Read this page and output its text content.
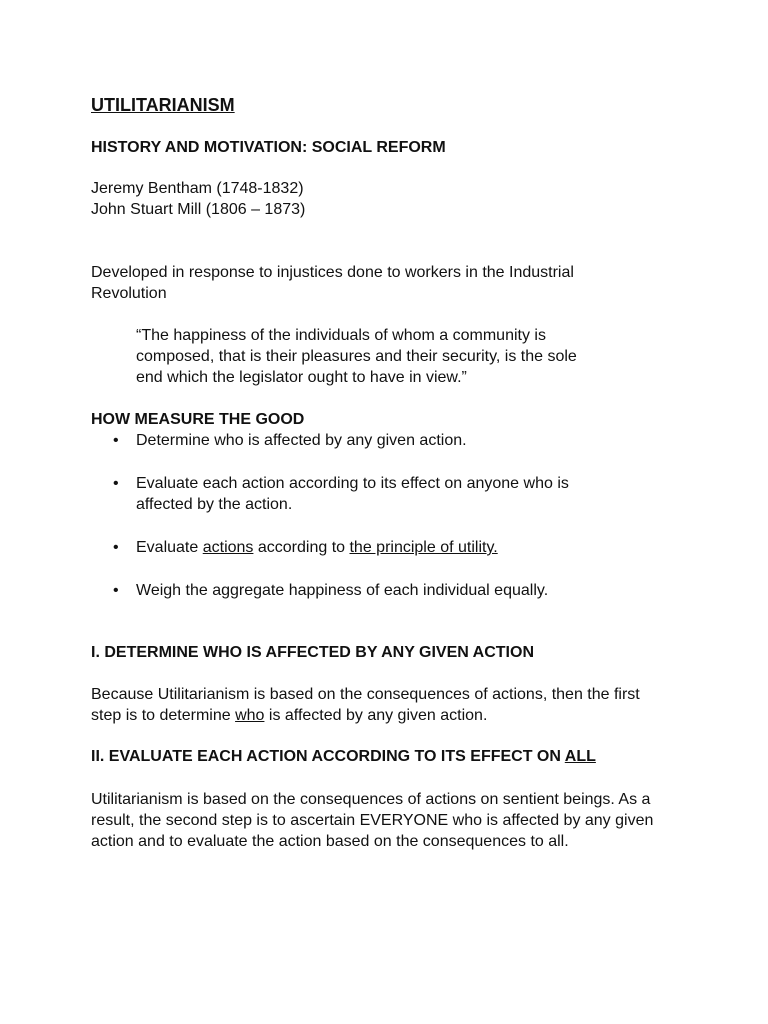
UTILITARIANISM

HISTORY AND MOTIVATION: SOCIAL REFORM

Jeremy Bentham (1748-1832)

John Stuart Mill (1806 – 1873)

Developed in response to injustices done to workers in the Industrial Revolution

“The happiness of the individuals of whom a community is composed, that is their pleasures and their security, is the sole end which the legislator ought to have in view.”

HOW MEASURE THE GOOD

• Determine who is affected by any given action.
• Evaluate each action according to its effect on anyone who is affected by the action.
• Evaluate actions according to the principle of utility.
• Weigh the aggregate happiness of each individual equally.

I. DETERMINE WHO IS AFFECTED BY ANY GIVEN ACTION

Because Utilitarianism is based on the consequences of actions, then the first step is to determine who is affected by any given action.

II. EVALUATE EACH ACTION ACCORDING TO ITS EFFECT ON ALL

Utilitarianism is based on the consequences of actions on sentient beings. As a result, the second step is to ascertain EVERYONE who is affected by any given action and to evaluate the action based on the consequences to all.
